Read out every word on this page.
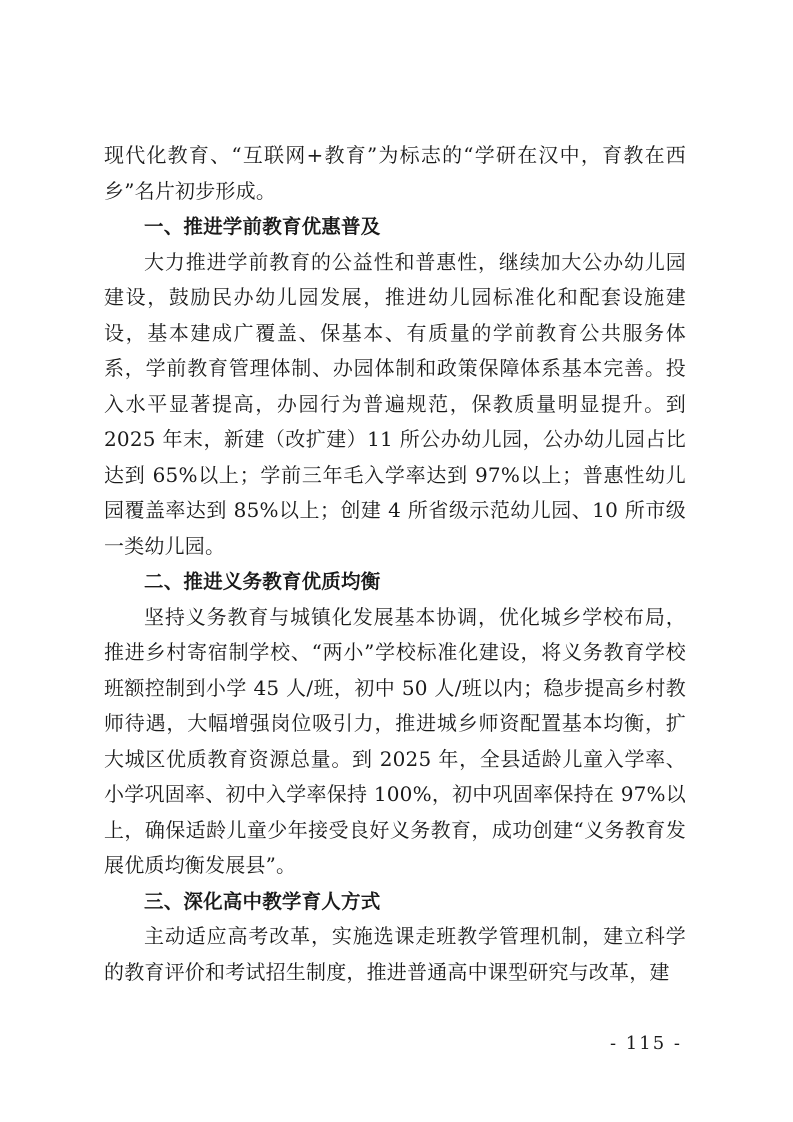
现代化教育、“互联网+教育”为标志的“学研在汉中，育教在西乡”名片初步形成。

一、推进学前教育优惠普及

大力推进学前教育的公益性和普惠性，继续加大公办幼儿园建设，鼓励民办幼儿园发展，推进幼儿园标准化和配套设施建设，基本建成广覆盖、保基本、有质量的学前教育公共服务体系，学前教育管理体制、办园体制和政策保障体系基本完善。投入水平显著提高，办园行为普遍规范，保教质量明显提升。到 2025 年末，新建（改扩建）11 所公办幼儿园，公办幼儿园占比达到 65%以上；学前三年毛入学率达到 97%以上；普惠性幼儿园覆盖率达到 85%以上；创建 4 所省级示范幼儿园、10 所市级一类幼儿园。

二、推进义务教育优质均衡

坚持义务教育与城镇化发展基本协调，优化城乡学校布局，推进乡村寄宿制学校、“两小”学校标准化建设，将义务教育学校班额控制到小学 45 人/班，初中 50 人/班以内；稳步提高乡村教师待遇，大幅增强岗位吸引力，推进城乡师资配置基本均衡，扩大城区优质教育资源总量。到 2025 年，全县适龄儿童入学率、小学巩固率、初中入学率保持 100%，初中巩固率保持在 97%以上，确保适龄儿童少年接受良好义务教育，成功创建“义务教育发展优质均衡发展县”。

三、深化高中教学育人方式

主动适应高考改革，实施选课走班教学管理机制，建立科学的教育评价和考试招生制度，推进普通高中课型研究与改革，建

- 115 -
